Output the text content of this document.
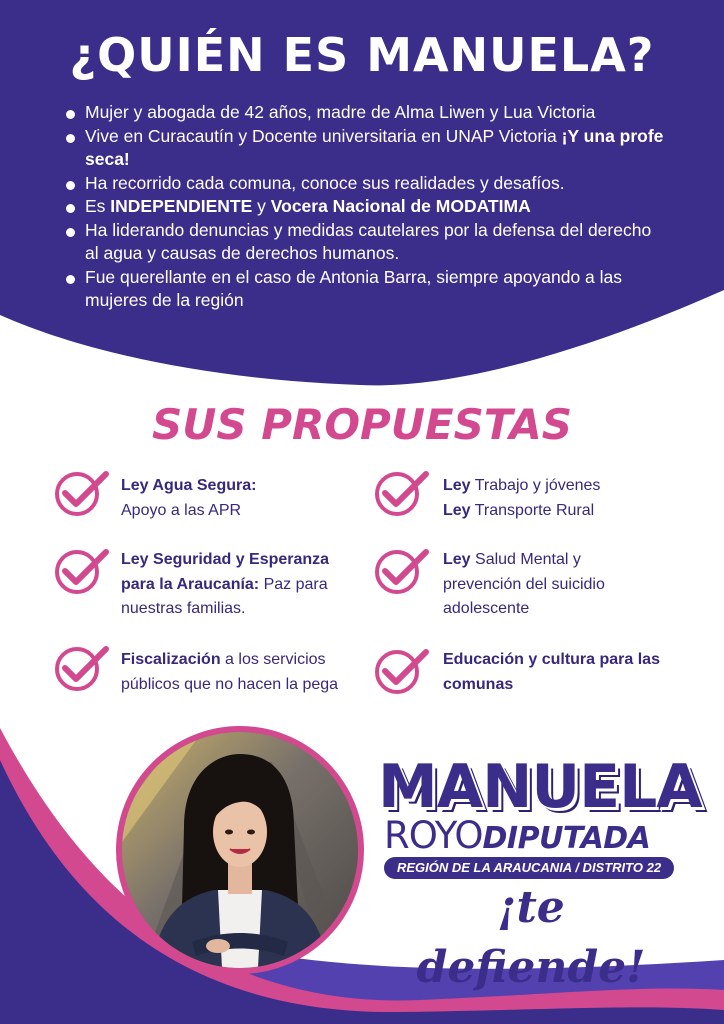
¿QUIÉN ES MANUELA?
Mujer y abogada de 42 años, madre de Alma Liwen y Lua Victoria
Vive en Curacautín y Docente universitaria en UNAP Victoria ¡Y una profe seca!
Ha recorrido cada comuna, conoce sus realidades y desafíos.
Es INDEPENDIENTE y Vocera Nacional de MODATIMA
Ha liderando denuncias y medidas cautelares por la defensa del derecho al agua y causas de derechos humanos.
Fue querellante en el caso de Antonia Barra, siempre apoyando a las mujeres de la región
SUS PROPUESTAS
Ley Agua Segura:
Apoyo a las APR
Ley Seguridad y Esperanza para la Araucanía: Paz para nuestras familias.
Fiscalización a los servicios públicos que no hacen la pega
Ley Trabajo y jóvenes
Ley Transporte Rural
Ley Salud Mental y prevención del suicidio adolescente
Educación y cultura para las comunas
MANUELA
ROYODIPUTADA
REGIÓN DE LA ARAUCANIA / DISTRITO 22
¡te defiende!
